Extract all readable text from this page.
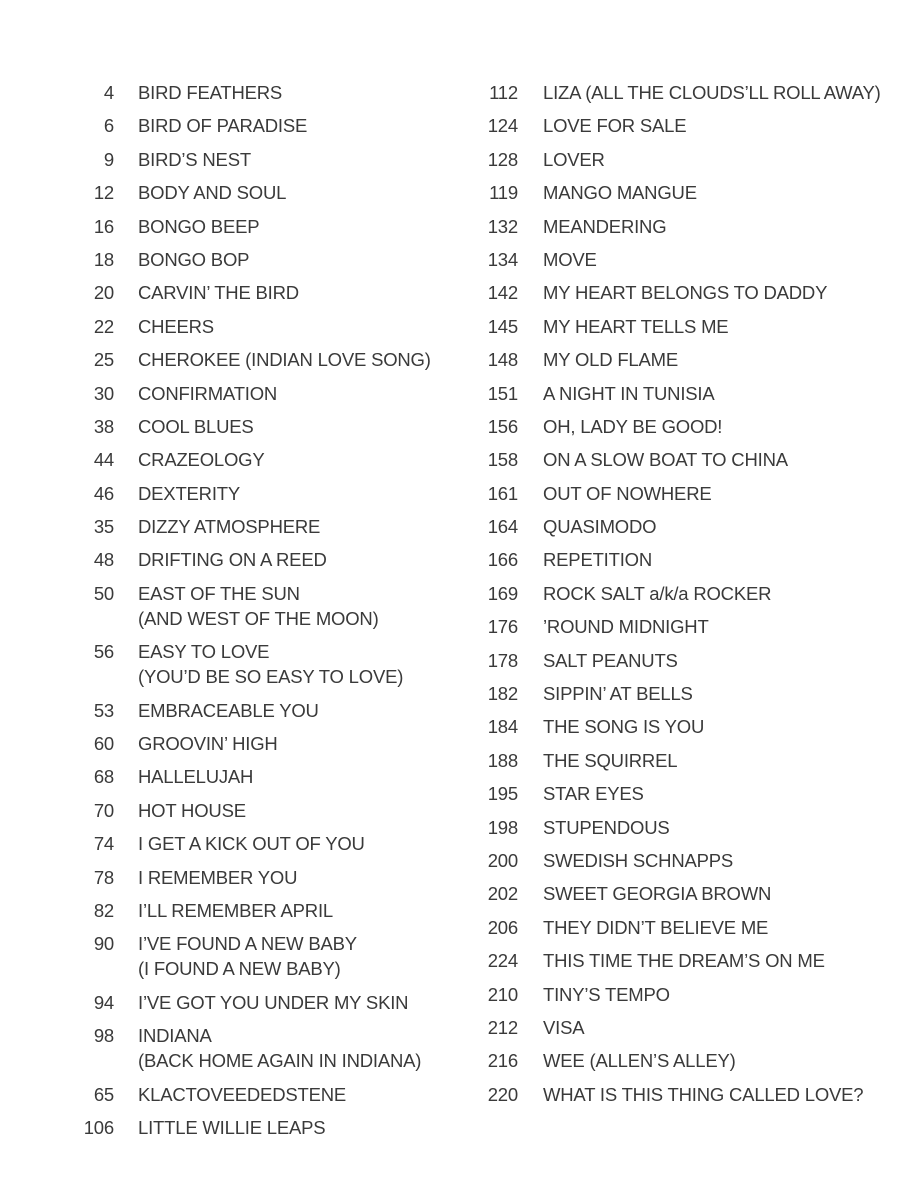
4	BIRD FEATHERS
6	BIRD OF PARADISE
9	BIRD’S NEST
12	BODY AND SOUL
16	BONGO BEEP
18	BONGO BOP
20	CARVIN’ THE BIRD
22	CHEERS
25	CHEROKEE (INDIAN LOVE SONG)
30	CONFIRMATION
38	COOL BLUES
44	CRAZEOLOGY
46	DEXTERITY
35	DIZZY ATMOSPHERE
48	DRIFTING ON A REED
50	EAST OF THE SUN
(AND WEST OF THE MOON)
56	EASY TO LOVE
(YOU’D BE SO EASY TO LOVE)
53	EMBRACEABLE YOU
60	GROOVIN’ HIGH
68	HALLELUJAH
70	HOT HOUSE
74	I GET A KICK OUT OF YOU
78	I REMEMBER YOU
82	I’LL REMEMBER APRIL
90	I’VE FOUND A NEW BABY
(I FOUND A NEW BABY)
94	I’VE GOT YOU UNDER MY SKIN
98	INDIANA
(BACK HOME AGAIN IN INDIANA)
65	KLACTOVEEDEDSTENE
106	LITTLE WILLIE LEAPS
112	LIZA (ALL THE CLOUDS’LL ROLL AWAY)
124	LOVE FOR SALE
128	LOVER
119	MANGO MANGUE
132	MEANDERING
134	MOVE
142	MY HEART BELONGS TO DADDY
145	MY HEART TELLS ME
148	MY OLD FLAME
151	A NIGHT IN TUNISIA
156	OH, LADY BE GOOD!
158	ON A SLOW BOAT TO CHINA
161	OUT OF NOWHERE
164	QUASIMODO
166	REPETITION
169	ROCK SALT a/k/a ROCKER
176	’ROUND MIDNIGHT
178	SALT PEANUTS
182	SIPPIN’ AT BELLS
184	THE SONG IS YOU
188	THE SQUIRREL
195	STAR EYES
198	STUPENDOUS
200	SWEDISH SCHNAPPS
202	SWEET GEORGIA BROWN
206	THEY DIDN’T BELIEVE ME
224	THIS TIME THE DREAM’S ON ME
210	TINY’S TEMPO
212	VISA
216	WEE (ALLEN’S ALLEY)
220	WHAT IS THIS THING CALLED LOVE?
